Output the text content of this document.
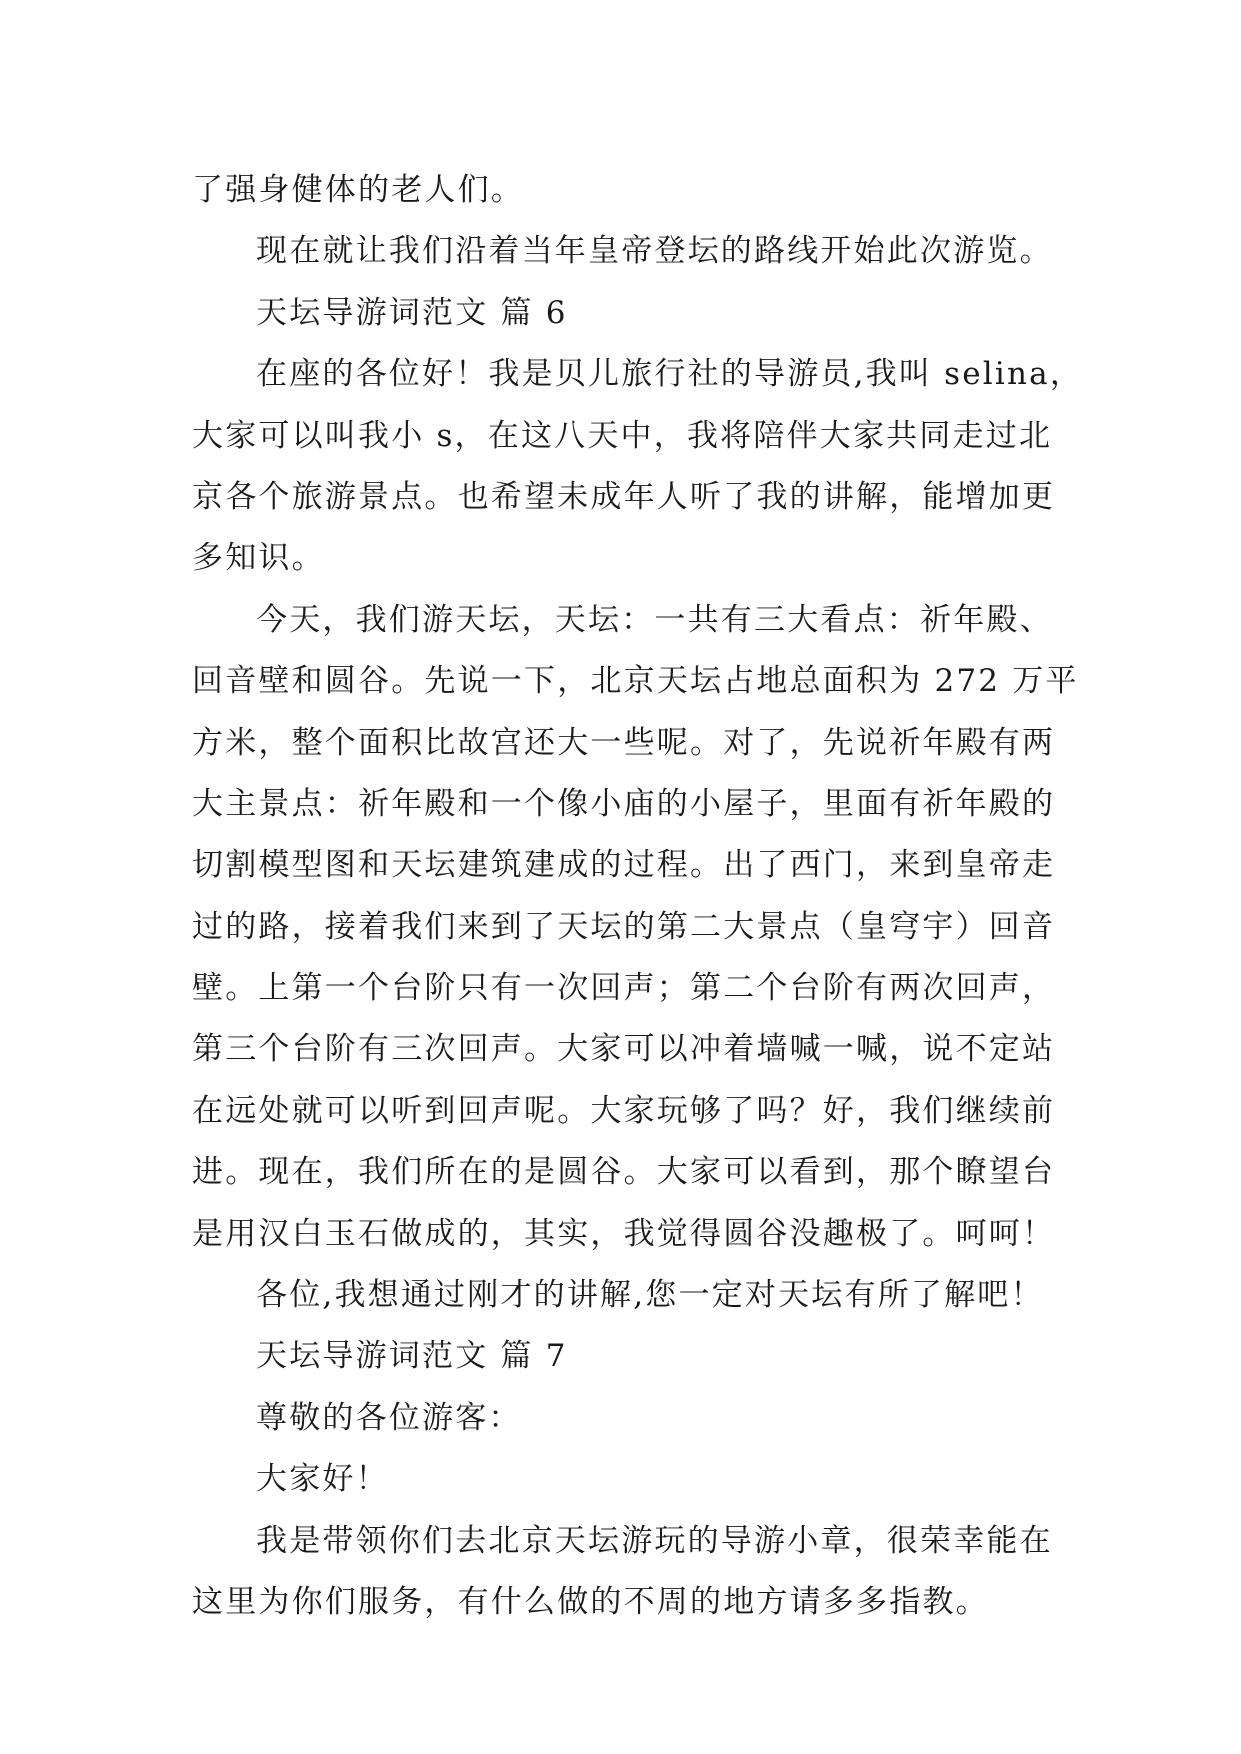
了强身健体的老人们。
现在就让我们沿着当年皇帝登坛的路线开始此次游览。
天坛导游词范文 篇 6
在座的各位好！我是贝儿旅行社的导游员,我叫 selina，
大家可以叫我小 s，在这八天中，我将陪伴大家共同走过北
京各个旅游景点。也希望未成年人听了我的讲解，能增加更
多知识。
今天，我们游天坛，天坛：一共有三大看点：祈年殿、
回音壁和圆谷。先说一下，北京天坛占地总面积为 272 万平
方米，整个面积比故宫还大一些呢。对了，先说祈年殿有两
大主景点：祈年殿和一个像小庙的小屋子，里面有祈年殿的
切割模型图和天坛建筑建成的过程。出了西门，来到皇帝走
过的路，接着我们来到了天坛的第二大景点（皇穹宇）回音
壁。上第一个台阶只有一次回声；第二个台阶有两次回声，
第三个台阶有三次回声。大家可以冲着墙喊一喊，说不定站
在远处就可以听到回声呢。大家玩够了吗？好，我们继续前
进。现在，我们所在的是圆谷。大家可以看到，那个瞭望台
是用汉白玉石做成的，其实，我觉得圆谷没趣极了。呵呵！
各位,我想通过刚才的讲解,您一定对天坛有所了解吧！
天坛导游词范文 篇 7
尊敬的各位游客：
大家好！
我是带领你们去北京天坛游玩的导游小章，很荣幸能在
这里为你们服务，有什么做的不周的地方请多多指教。
